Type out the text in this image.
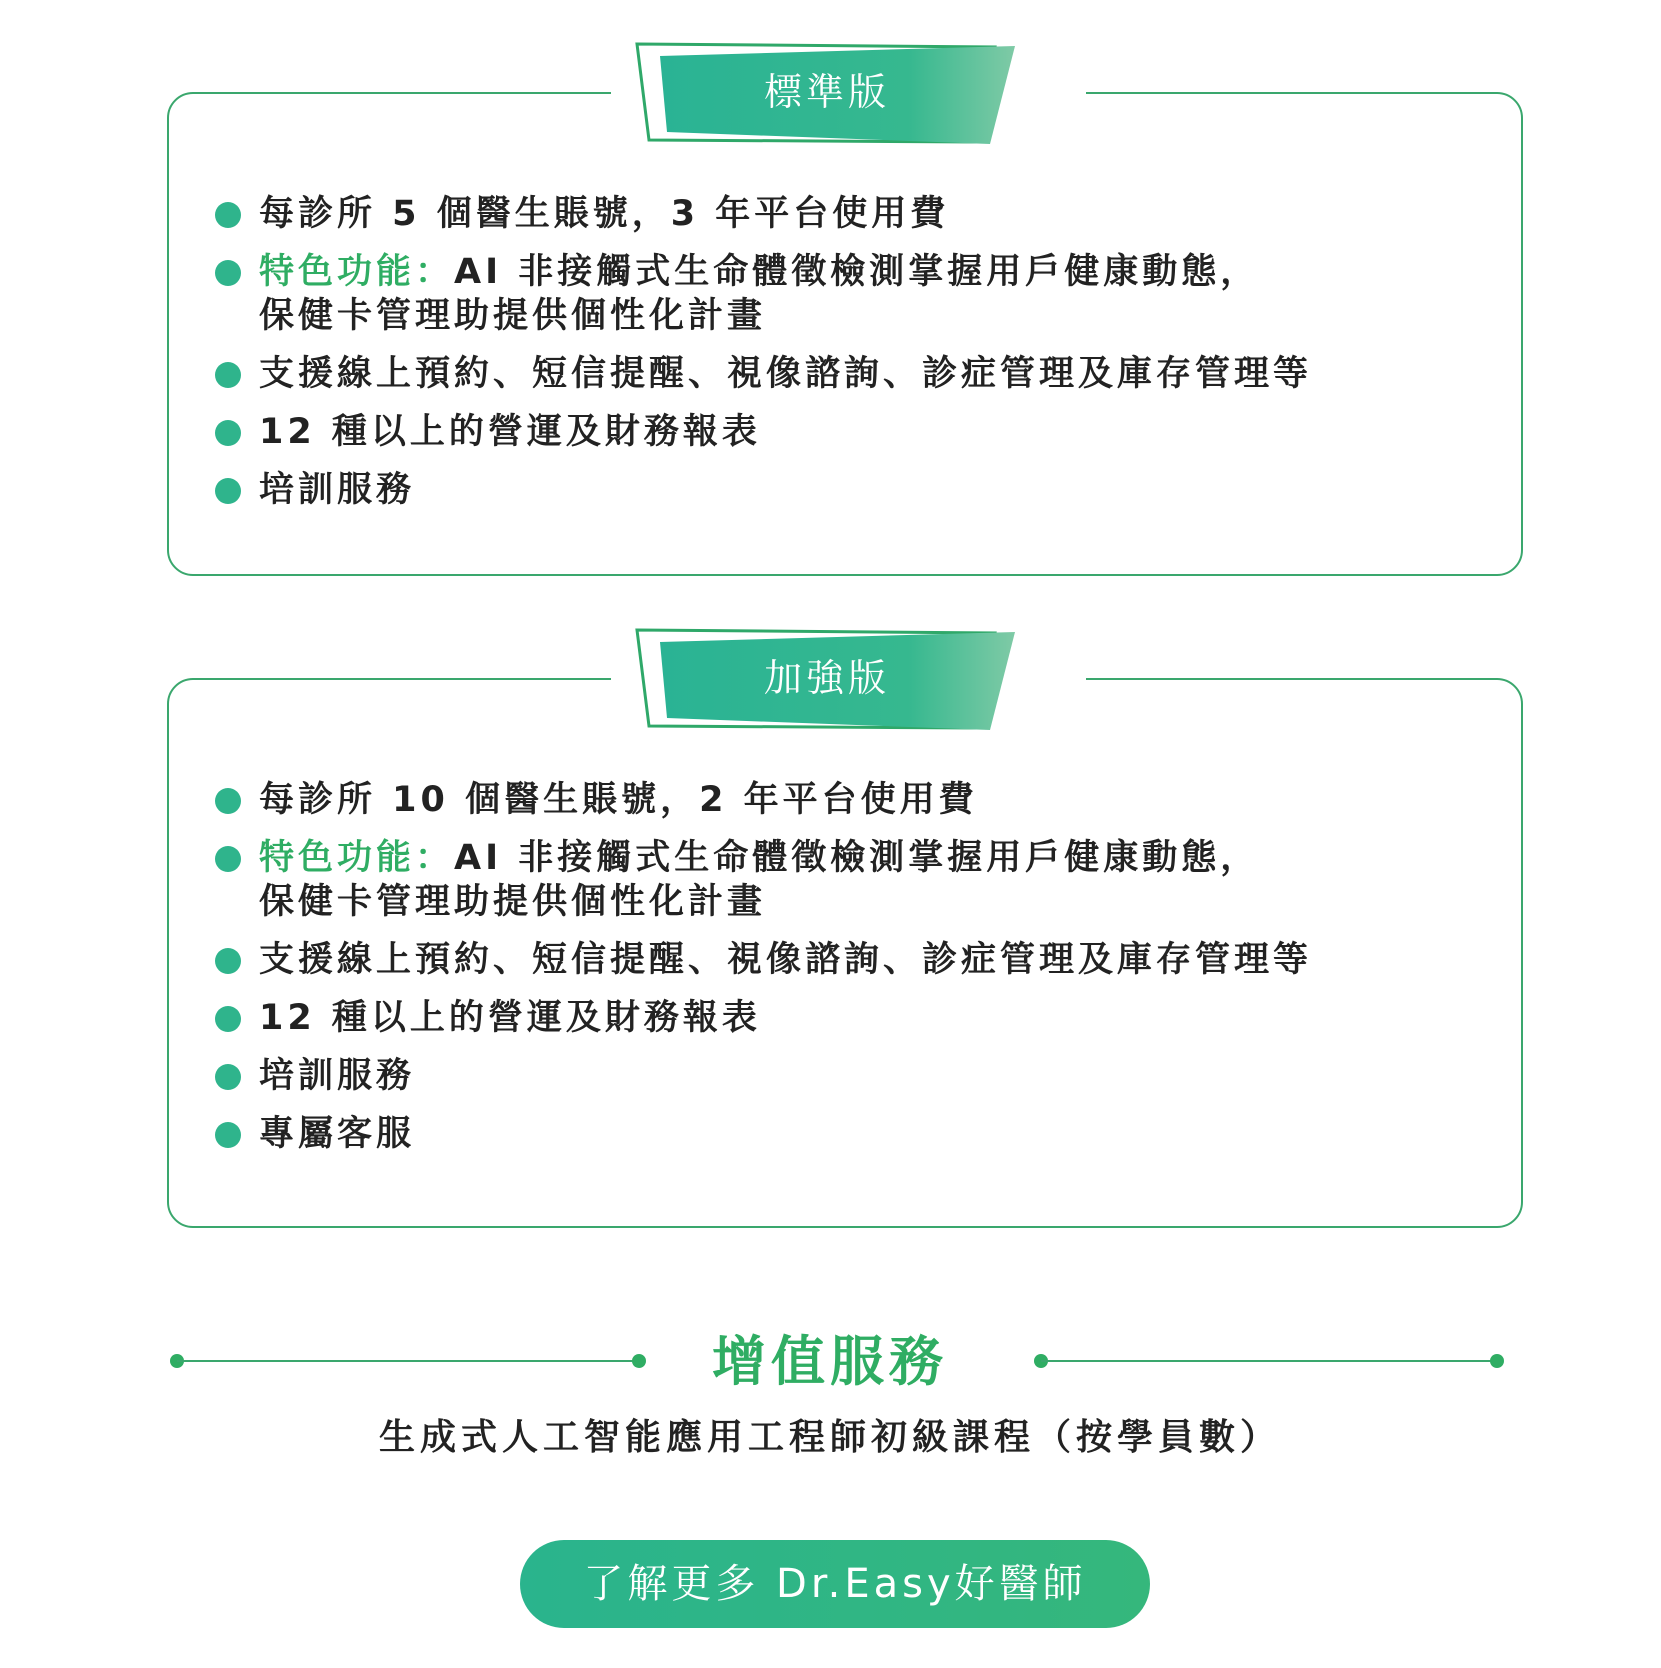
標準版
每診所 5 個醫生賬號，3 年平台使用費
特色功能：AI 非接觸式生命體徵檢測掌握用戶健康動態，
保健卡管理助提供個性化計畫
支援線上預約、短信提醒、視像諮詢、診症管理及庫存管理等
12 種以上的營運及財務報表
培訓服務
加強版
每診所 10 個醫生賬號，2 年平台使用費
特色功能：AI 非接觸式生命體徵檢測掌握用戶健康動態，
保健卡管理助提供個性化計畫
支援線上預約、短信提醒、視像諮詢、診症管理及庫存管理等
12 種以上的營運及財務報表
培訓服務
專屬客服
增值服務
生成式人工智能應用工程師初級課程（按學員數）
了解更多 Dr.Easy好醫師
